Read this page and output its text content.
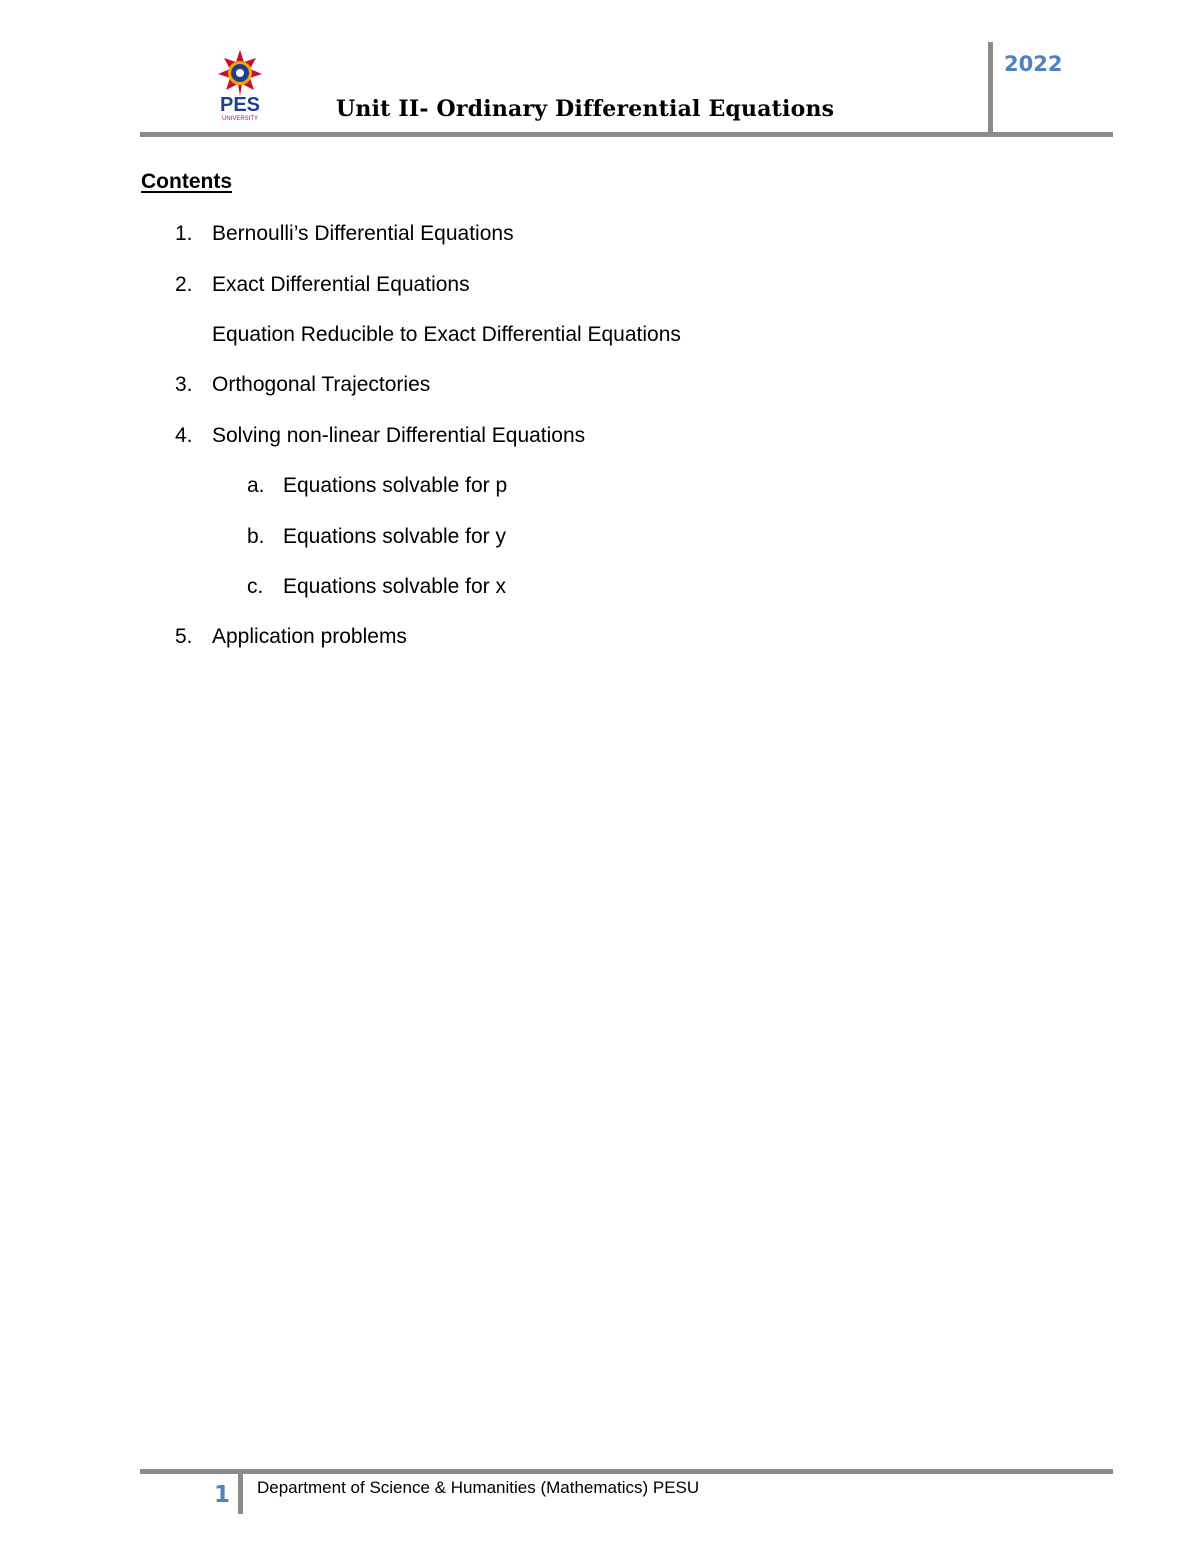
PES
UNIVERSITY	Unit II- Ordinary Differential Equations
2022
Contents
1. Bernoulli’s Differential Equations
2. Exact Differential Equations
Equation Reducible to Exact Differential Equations
3. Orthogonal Trajectories
4. Solving non-linear Differential Equations
a. Equations solvable for p
b. Equations solvable for y
c. Equations solvable for x
5. Application problems
1 Department of Science & Humanities (Mathematics) PESU
